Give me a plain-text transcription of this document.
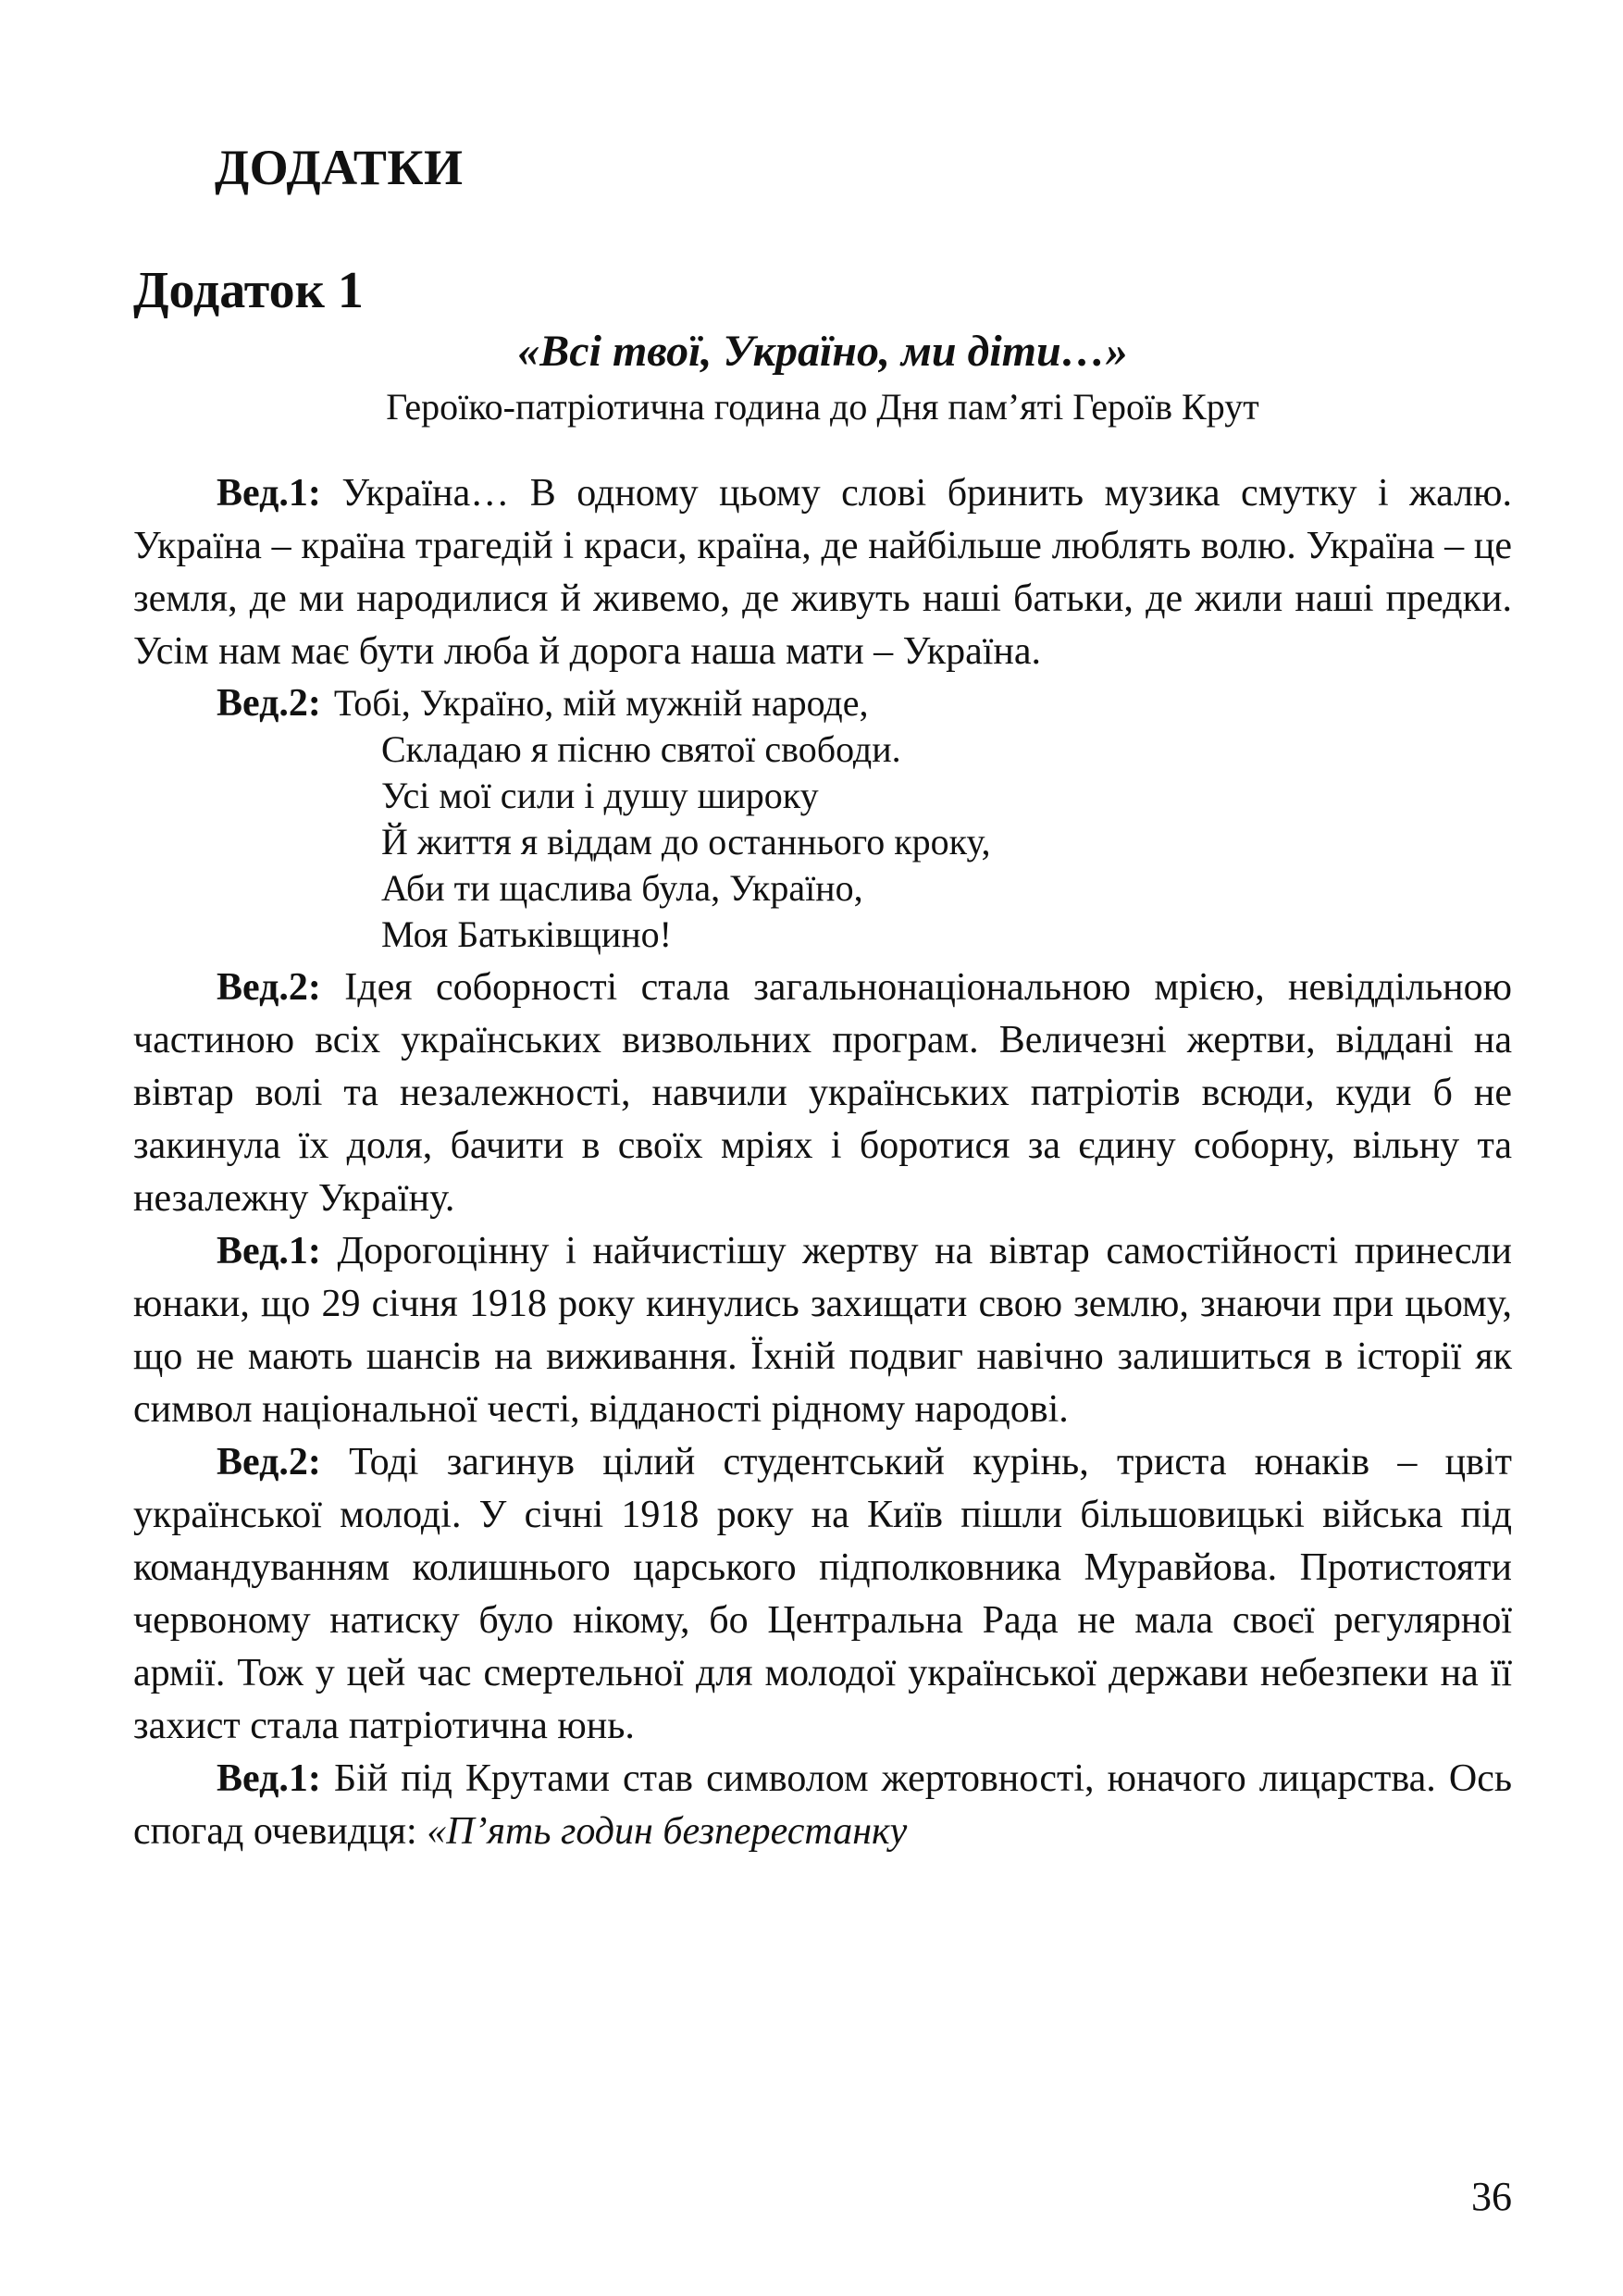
ДОДАТКИ
Додаток 1
«Всі твої, Україно, ми діти…»

Героїко-патріотична година до Дня пам’яті Героїв Крут

Вед.1: Україна… В одному цьому слові бринить музика смутку і жалю. Україна – країна трагедій і краси, країна, де найбільше люблять волю. Україна – це земля, де ми народилися й живемо, де живуть наші батьки, де жили наші предки. Усім нам має бути люба й дорога наша мати – Україна.

Вед.2: Тобі, Україно, мій мужній народе,
Складаю я пісню святої свободи.
Усі мої сили і душу широку
Й життя я віддам до останнього кроку,
Аби ти щаслива була, Україно,
Моя Батьківщино!

Вед.2: Ідея соборності стала загальнонаціональною мрією, невіддільною частиною всіх українських визвольних програм. Величезні жертви, віддані на вівтар волі та незалежності, навчили українських патріотів всюди, куди б не закинула їх доля, бачити в своїх мріях і боротися за єдину соборну, вільну та незалежну Україну.

Вед.1: Дорогоцінну і найчистішу жертву на вівтар самостійності принесли юнаки, що 29 січня 1918 року кинулись захищати свою землю, знаючи при цьому, що не мають шансів на виживання. Їхній подвиг навічно залишиться в історії як символ національної честі, відданості рідному народові.

Вед.2: Тоді загинув цілий студентський курінь, триста юнаків – цвіт української молоді. У січні 1918 року на Київ пішли більшовицькі війська під командуванням колишнього царського підполковника Муравйова. Протистояти червоному натиску було нікому, бо Центральна Рада не мала своєї регулярної армії. Тож у цей час смертельної для молодої української держави небезпеки на її захист стала патріотична юнь.

Вед.1: Бій під Крутами став символом жертовності, юначого лицарства. Ось спогад очевидця: «П’ять годин безперестанку

36
